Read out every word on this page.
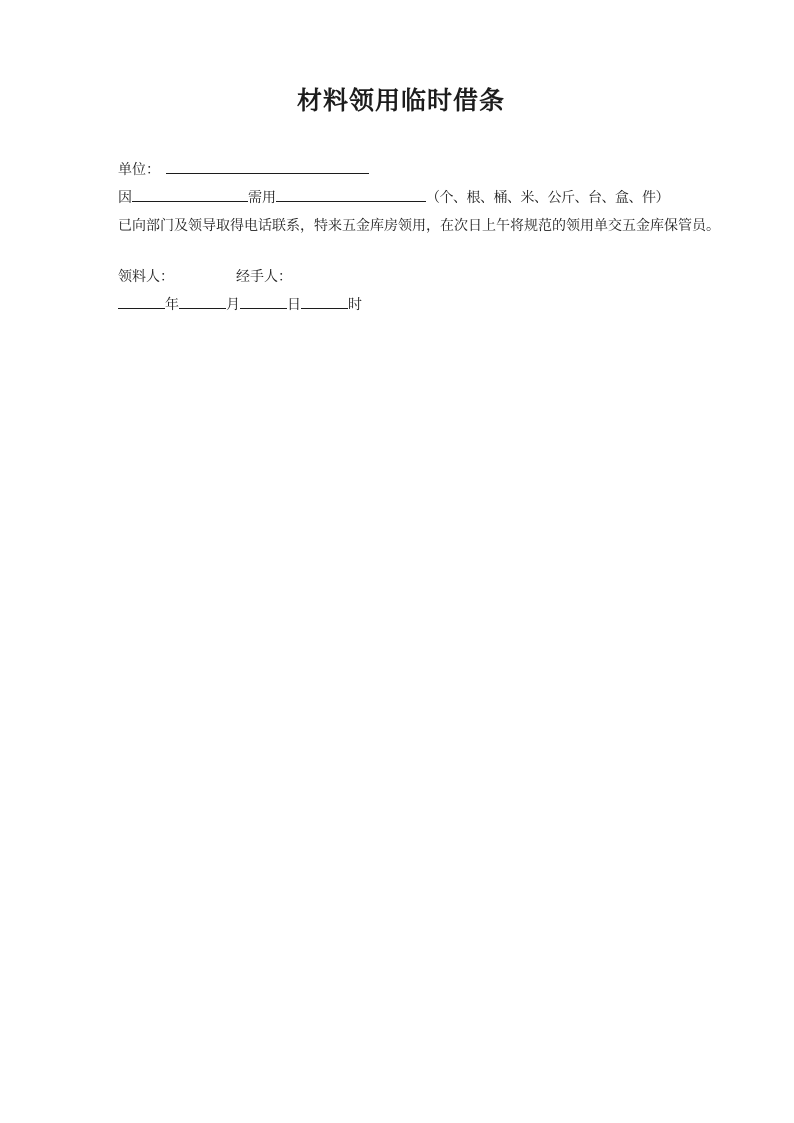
材料领用临时借条

单位：

因	需用	（个、根、桶、米、公斤、台、盒、件）

已向部门及领导取得电话联系，特来五金库房领用，在次日上午将规范的领用单交五金库保管员。

领料人：	经手人：

年	月	日	时
